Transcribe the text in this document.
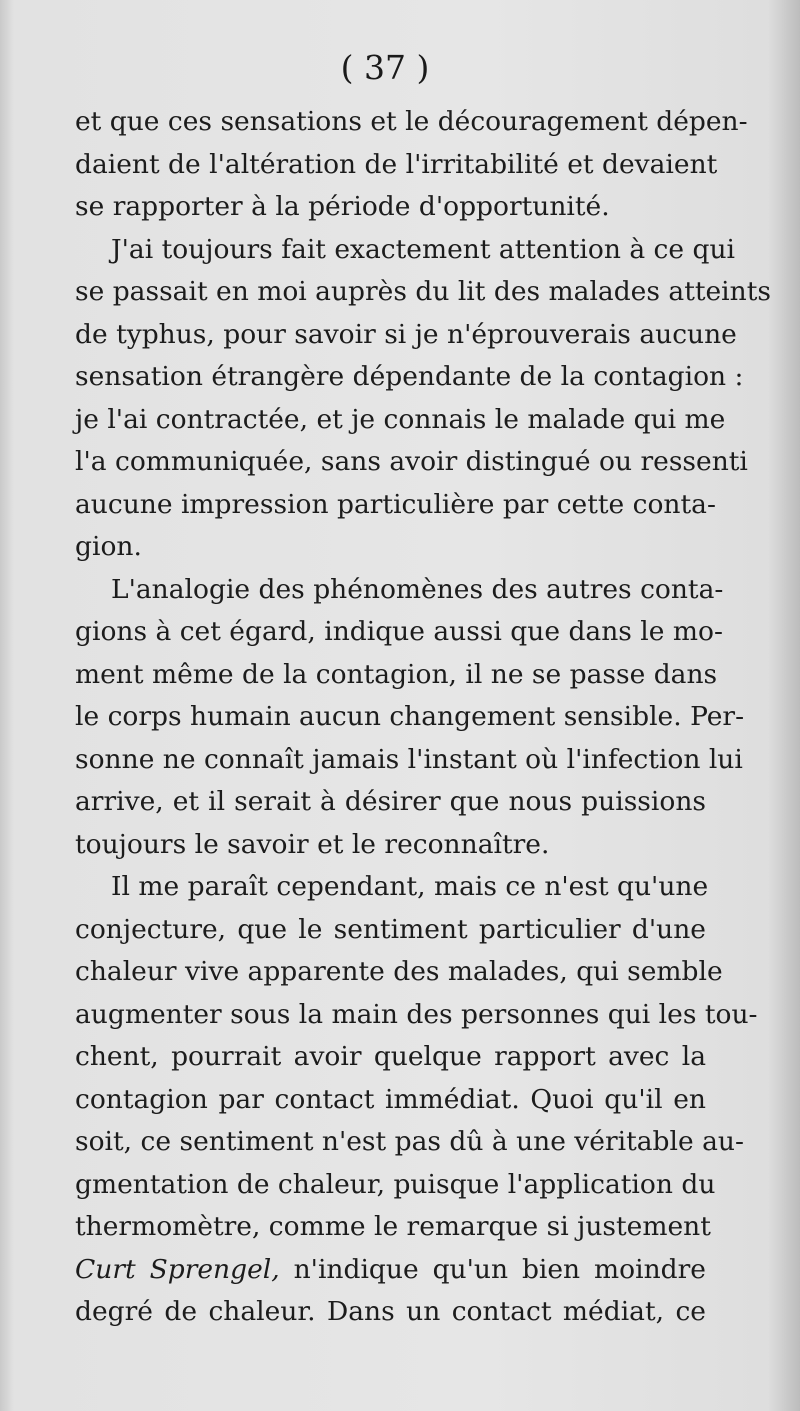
( 37 )
et que ces sensations et le découragement dépen-
daient de l'altération de l'irritabilité et devaient
se rapporter à la période d'opportunité.
J'ai toujours fait exactement attention à ce qui
se passait en moi auprès du lit des malades atteints
de typhus, pour savoir si je n'éprouverais aucune
sensation étrangère dépendante de la contagion :
je l'ai contractée, et je connais le malade qui me
l'a communiquée, sans avoir distingué ou ressenti
aucune impression particulière par cette conta-
gion.
L'analogie des phénomènes des autres conta-
gions à cet égard, indique aussi que dans le mo-
ment même de la contagion, il ne se passe dans
le corps humain aucun changement sensible. Per-
sonne ne connaît jamais l'instant où l'infection lui
arrive, et il serait à désirer que nous puissions
toujours le savoir et le reconnaître.
Il me paraît cependant, mais ce n'est qu'une
conjecture, que le sentiment particulier d'une
chaleur vive apparente des malades, qui semble
augmenter sous la main des personnes qui les tou-
chent, pourrait avoir quelque rapport avec la
contagion par contact immédiat. Quoi qu'il en
soit, ce sentiment n'est pas dû à une véritable au-
gmentation de chaleur, puisque l'application du
thermomètre, comme le remarque si justement
Curt Sprengel, n'indique qu'un bien moindre
degré de chaleur. Dans un contact médiat, ce
